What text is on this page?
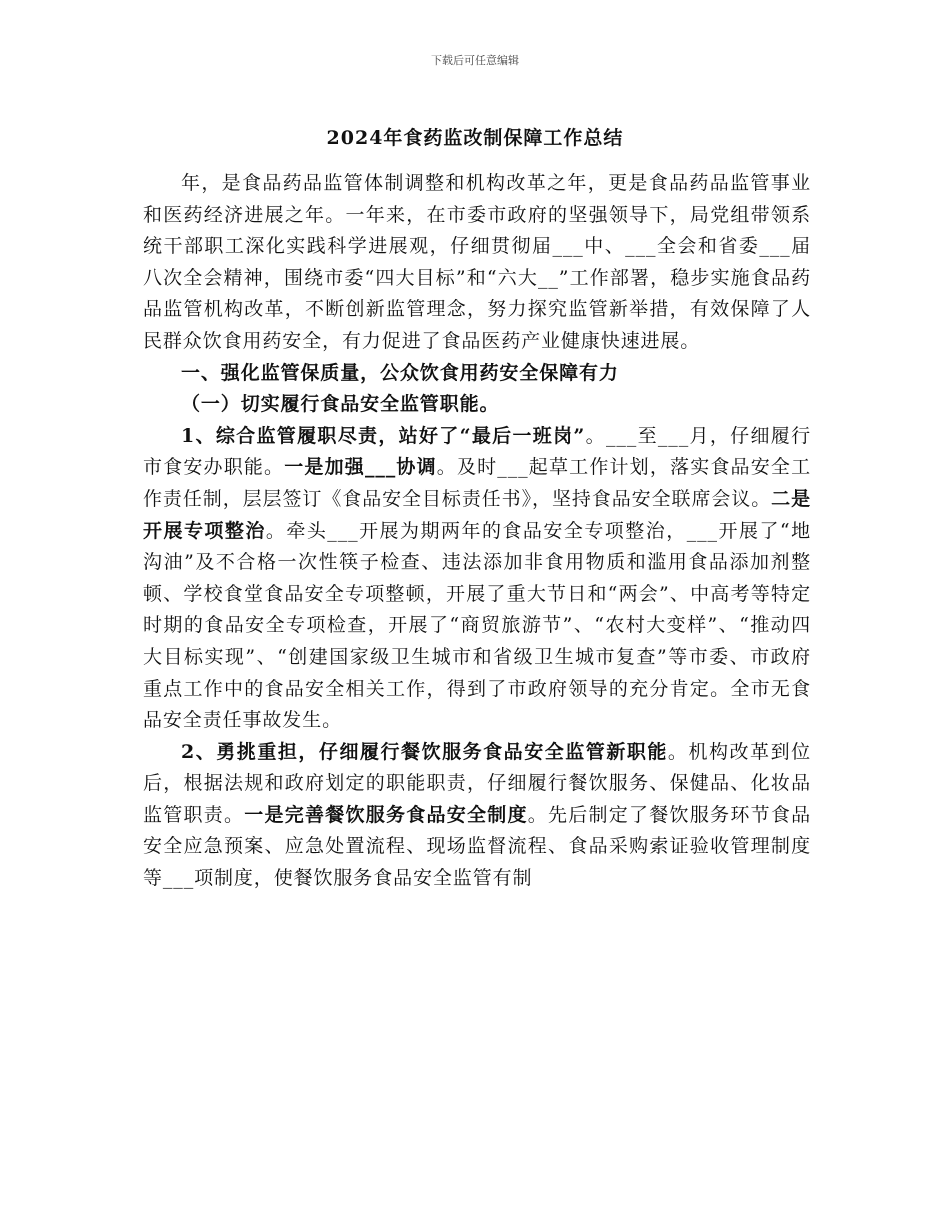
下载后可任意编辑
2024年食药监改制保障工作总结

年，是食品药品监管体制调整和机构改革之年，更是食品药品监管事业和医药经济进展之年。一年来，在市委市政府的坚强领导下，局党组带领系统干部职工深化实践科学进展观，仔细贯彻届___中、___全会和省委___届八次全会精神，围绕市委“四大目标”和“六大__”工作部署，稳步实施食品药品监管机构改革，不断创新监管理念，努力探究监管新举措，有效保障了人民群众饮食用药安全，有力促进了食品医药产业健康快速进展。

一、强化监管保质量，公众饮食用药安全保障有力

（一）切实履行食品安全监管职能。

1、综合监管履职尽责，站好了“最后一班岗”。___至___月，仔细履行市食安办职能。一是加强___协调。及时___起草工作计划，落实食品安全工作责任制，层层签订《食品安全目标责任书》，坚持食品安全联席会议。二是开展专项整治。牵头___开展为期两年的食品安全专项整治，___开展了“地沟油”及不合格一次性筷子检查、违法添加非食用物质和滥用食品添加剂整顿、学校食堂食品安全专项整顿，开展了重大节日和“两会”、中高考等特定时期的食品安全专项检查，开展了“商贸旅游节”、“农村大变样”、“推动四大目标实现”、“创建国家级卫生城市和省级卫生城市复查”等市委、市政府重点工作中的食品安全相关工作，得到了市政府领导的充分肯定。全市无食品安全责任事故发生。

2、勇挑重担，仔细履行餐饮服务食品安全监管新职能。机构改革到位后，根据法规和政府划定的职能职责，仔细履行餐饮服务、保健品、化妆品监管职责。一是完善餐饮服务食品安全制度。先后制定了餐饮服务环节食品安全应急预案、应急处置流程、现场监督流程、食品采购索证验收管理制度等___项制度，使餐饮服务食品安全监管有制
